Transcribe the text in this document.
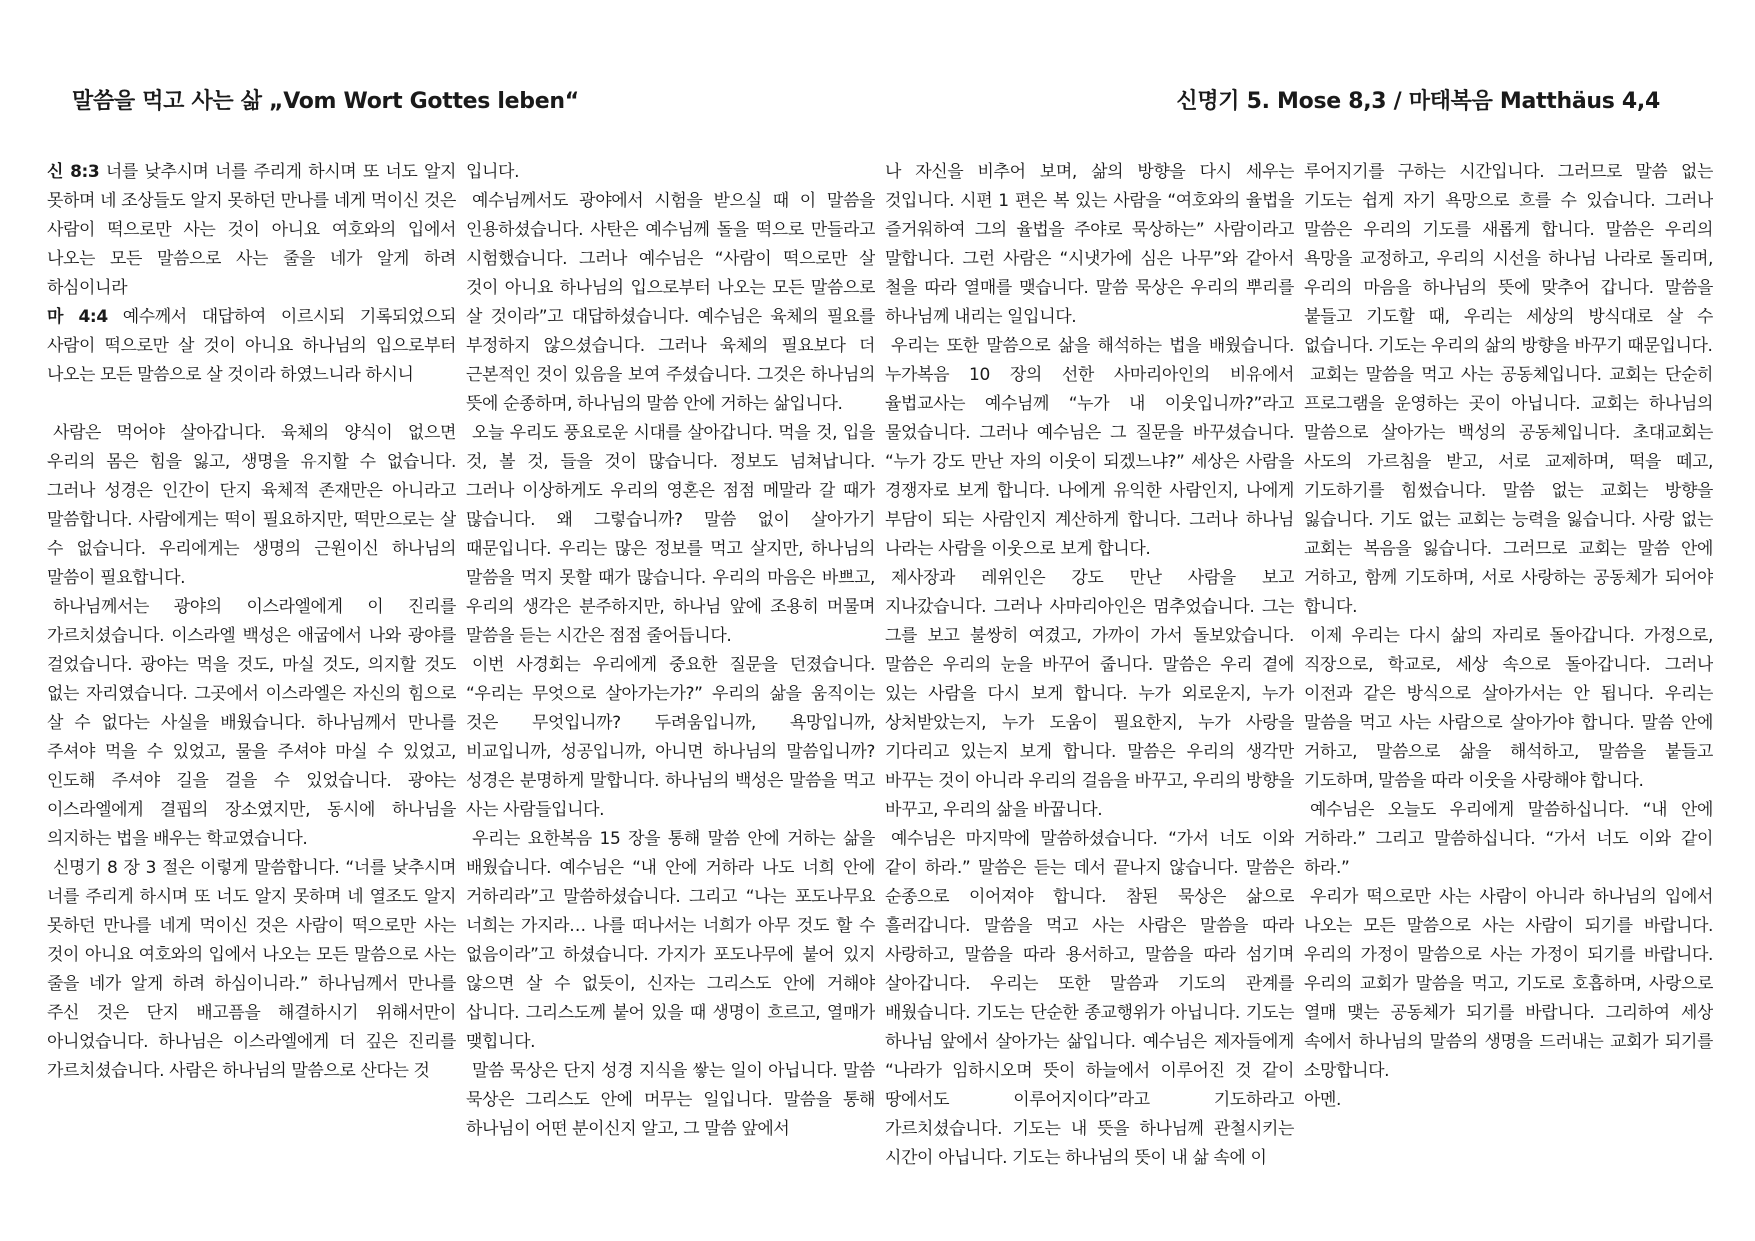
말씀을 먹고 사는 삶 „Vom Wort Gottes leben“	신명기 5. Mose 8,3 / 마태복음 Matthäus 4,4

신 8:3 너를 낮추시며 너를 주리게 하시며 또 너도 알지 못하며 네 조상들도 알지 못하던 만나를 네게 먹이신 것은 사람이 떡으로만 사는 것이 아니요 여호와의 입에서 나오는 모든 말씀으로 사는 줄을 네가 알게 하려 하심이니라

마 4:4 예수께서 대답하여 이르시되 기록되었으되 사람이 떡으로만 살 것이 아니요 하나님의 입으로부터 나오는 모든 말씀으로 살 것이라 하였느니라 하시니

사람은 먹어야 살아갑니다. 육체의 양식이 없으면 우리의 몸은 힘을 잃고, 생명을 유지할 수 없습니다. 그러나 성경은 인간이 단지 육체적 존재만은 아니라고 말씀합니다. 사람에게는 떡이 필요하지만, 떡만으로는 살 수 없습니다. 우리에게는 생명의 근원이신 하나님의 말씀이 필요합니다.

하나님께서는 광야의 이스라엘에게 이 진리를 가르치셨습니다. 이스라엘 백성은 애굽에서 나와 광야를 걸었습니다. 광야는 먹을 것도, 마실 것도, 의지할 것도 없는 자리였습니다. 그곳에서 이스라엘은 자신의 힘으로 살 수 없다는 사실을 배웠습니다. 하나님께서 만나를 주셔야 먹을 수 있었고, 물을 주셔야 마실 수 있었고, 인도해 주셔야 길을 걸을 수 있었습니다. 광야는 이스라엘에게 결핍의 장소였지만, 동시에 하나님을 의지하는 법을 배우는 학교였습니다.

신명기 8 장 3 절은 이렇게 말씀합니다. “너를 낮추시며 너를 주리게 하시며 또 너도 알지 못하며 네 열조도 알지 못하던 만나를 네게 먹이신 것은 사람이 떡으로만 사는 것이 아니요 여호와의 입에서 나오는 모든 말씀으로 사는 줄을 네가 알게 하려 하심이니라.” 하나님께서 만나를 주신 것은 단지 배고픔을 해결하시기 위해서만이 아니었습니다. 하나님은 이스라엘에게 더 깊은 진리를 가르치셨습니다. 사람은 하나님의 말씀으로 산다는 것

입니다.

예수님께서도 광야에서 시험을 받으실 때 이 말씀을 인용하셨습니다. 사탄은 예수님께 돌을 떡으로 만들라고 시험했습니다. 그러나 예수님은 “사람이 떡으로만 살 것이 아니요 하나님의 입으로부터 나오는 모든 말씀으로 살 것이라”고 대답하셨습니다. 예수님은 육체의 필요를 부정하지 않으셨습니다. 그러나 육체의 필요보다 더 근본적인 것이 있음을 보여 주셨습니다. 그것은 하나님의 뜻에 순종하며, 하나님의 말씀 안에 거하는 삶입니다.

오늘 우리도 풍요로운 시대를 살아갑니다. 먹을 것, 입을 것, 볼 것, 들을 것이 많습니다. 정보도 넘쳐납니다. 그러나 이상하게도 우리의 영혼은 점점 메말라 갈 때가 많습니다. 왜 그렇습니까? 말씀 없이 살아가기 때문입니다. 우리는 많은 정보를 먹고 살지만, 하나님의 말씀을 먹지 못할 때가 많습니다. 우리의 마음은 바쁘고, 우리의 생각은 분주하지만, 하나님 앞에 조용히 머물며 말씀을 듣는 시간은 점점 줄어듭니다.

이번 사경회는 우리에게 중요한 질문을 던졌습니다. “우리는 무엇으로 살아가는가?” 우리의 삶을 움직이는 것은 무엇입니까? 두려움입니까, 욕망입니까, 비교입니까, 성공입니까, 아니면 하나님의 말씀입니까? 성경은 분명하게 말합니다. 하나님의 백성은 말씀을 먹고 사는 사람들입니다.

우리는 요한복음 15 장을 통해 말씀 안에 거하는 삶을 배웠습니다. 예수님은 “내 안에 거하라 나도 너희 안에 거하리라”고 말씀하셨습니다. 그리고 “나는 포도나무요 너희는 가지라… 나를 떠나서는 너희가 아무 것도 할 수 없음이라”고 하셨습니다. 가지가 포도나무에 붙어 있지 않으면 살 수 없듯이, 신자는 그리스도 안에 거해야 삽니다. 그리스도께 붙어 있을 때 생명이 흐르고, 열매가 맺힙니다.

말씀 묵상은 단지 성경 지식을 쌓는 일이 아닙니다. 말씀 묵상은 그리스도 안에 머무는 일입니다. 말씀을 통해 하나님이 어떤 분이신지 알고, 그 말씀 앞에서

나 자신을 비추어 보며, 삶의 방향을 다시 세우는 것입니다. 시편 1 편은 복 있는 사람을 “여호와의 율법을 즐거워하여 그의 율법을 주야로 묵상하는” 사람이라고 말합니다. 그런 사람은 “시냇가에 심은 나무”와 같아서 철을 따라 열매를 맺습니다. 말씀 묵상은 우리의 뿌리를 하나님께 내리는 일입니다.

우리는 또한 말씀으로 삶을 해석하는 법을 배웠습니다. 누가복음 10 장의 선한 사마리아인의 비유에서 율법교사는 예수님께 “누가 내 이웃입니까?”라고 물었습니다. 그러나 예수님은 그 질문을 바꾸셨습니다. “누가 강도 만난 자의 이웃이 되겠느냐?” 세상은 사람을 경쟁자로 보게 합니다. 나에게 유익한 사람인지, 나에게 부담이 되는 사람인지 계산하게 합니다. 그러나 하나님 나라는 사람을 이웃으로 보게 합니다.

제사장과 레위인은 강도 만난 사람을 보고 지나갔습니다. 그러나 사마리아인은 멈추었습니다. 그는 그를 보고 불쌍히 여겼고, 가까이 가서 돌보았습니다. 말씀은 우리의 눈을 바꾸어 줍니다. 말씀은 우리 곁에 있는 사람을 다시 보게 합니다. 누가 외로운지, 누가 상처받았는지, 누가 도움이 필요한지, 누가 사랑을 기다리고 있는지 보게 합니다. 말씀은 우리의 생각만 바꾸는 것이 아니라 우리의 걸음을 바꾸고, 우리의 방향을 바꾸고, 우리의 삶을 바꿉니다.

예수님은 마지막에 말씀하셨습니다. “가서 너도 이와 같이 하라.” 말씀은 듣는 데서 끝나지 않습니다. 말씀은 순종으로 이어져야 합니다. 참된 묵상은 삶으로 흘러갑니다. 말씀을 먹고 사는 사람은 말씀을 따라 사랑하고, 말씀을 따라 용서하고, 말씀을 따라 섬기며 살아갑니다. 우리는 또한 말씀과 기도의 관계를 배웠습니다. 기도는 단순한 종교행위가 아닙니다. 기도는 하나님 앞에서 살아가는 삶입니다. 예수님은 제자들에게 “나라가 임하시오며 뜻이 하늘에서 이루어진 것 같이 땅에서도 이루어지이다”라고 기도하라고 가르치셨습니다. 기도는 내 뜻을 하나님께 관철시키는 시간이 아닙니다. 기도는 하나님의 뜻이 내 삶 속에 이

루어지기를 구하는 시간입니다. 그러므로 말씀 없는 기도는 쉽게 자기 욕망으로 흐를 수 있습니다. 그러나 말씀은 우리의 기도를 새롭게 합니다. 말씀은 우리의 욕망을 교정하고, 우리의 시선을 하나님 나라로 돌리며, 우리의 마음을 하나님의 뜻에 맞추어 갑니다. 말씀을 붙들고 기도할 때, 우리는 세상의 방식대로 살 수 없습니다. 기도는 우리의 삶의 방향을 바꾸기 때문입니다.

교회는 말씀을 먹고 사는 공동체입니다. 교회는 단순히 프로그램을 운영하는 곳이 아닙니다. 교회는 하나님의 말씀으로 살아가는 백성의 공동체입니다. 초대교회는 사도의 가르침을 받고, 서로 교제하며, 떡을 떼고, 기도하기를 힘썼습니다. 말씀 없는 교회는 방향을 잃습니다. 기도 없는 교회는 능력을 잃습니다. 사랑 없는 교회는 복음을 잃습니다. 그러므로 교회는 말씀 안에 거하고, 함께 기도하며, 서로 사랑하는 공동체가 되어야 합니다.

이제 우리는 다시 삶의 자리로 돌아갑니다. 가정으로, 직장으로, 학교로, 세상 속으로 돌아갑니다. 그러나 이전과 같은 방식으로 살아가서는 안 됩니다. 우리는 말씀을 먹고 사는 사람으로 살아가야 합니다. 말씀 안에 거하고, 말씀으로 삶을 해석하고, 말씀을 붙들고 기도하며, 말씀을 따라 이웃을 사랑해야 합니다.

예수님은 오늘도 우리에게 말씀하십니다. “내 안에 거하라.” 그리고 말씀하십니다. “가서 너도 이와 같이 하라.”

우리가 떡으로만 사는 사람이 아니라 하나님의 입에서 나오는 모든 말씀으로 사는 사람이 되기를 바랍니다. 우리의 가정이 말씀으로 사는 가정이 되기를 바랍니다. 우리의 교회가 말씀을 먹고, 기도로 호흡하며, 사랑으로 열매 맺는 공동체가 되기를 바랍니다. 그리하여 세상 속에서 하나님의 말씀의 생명을 드러내는 교회가 되기를 소망합니다.

아멘.
